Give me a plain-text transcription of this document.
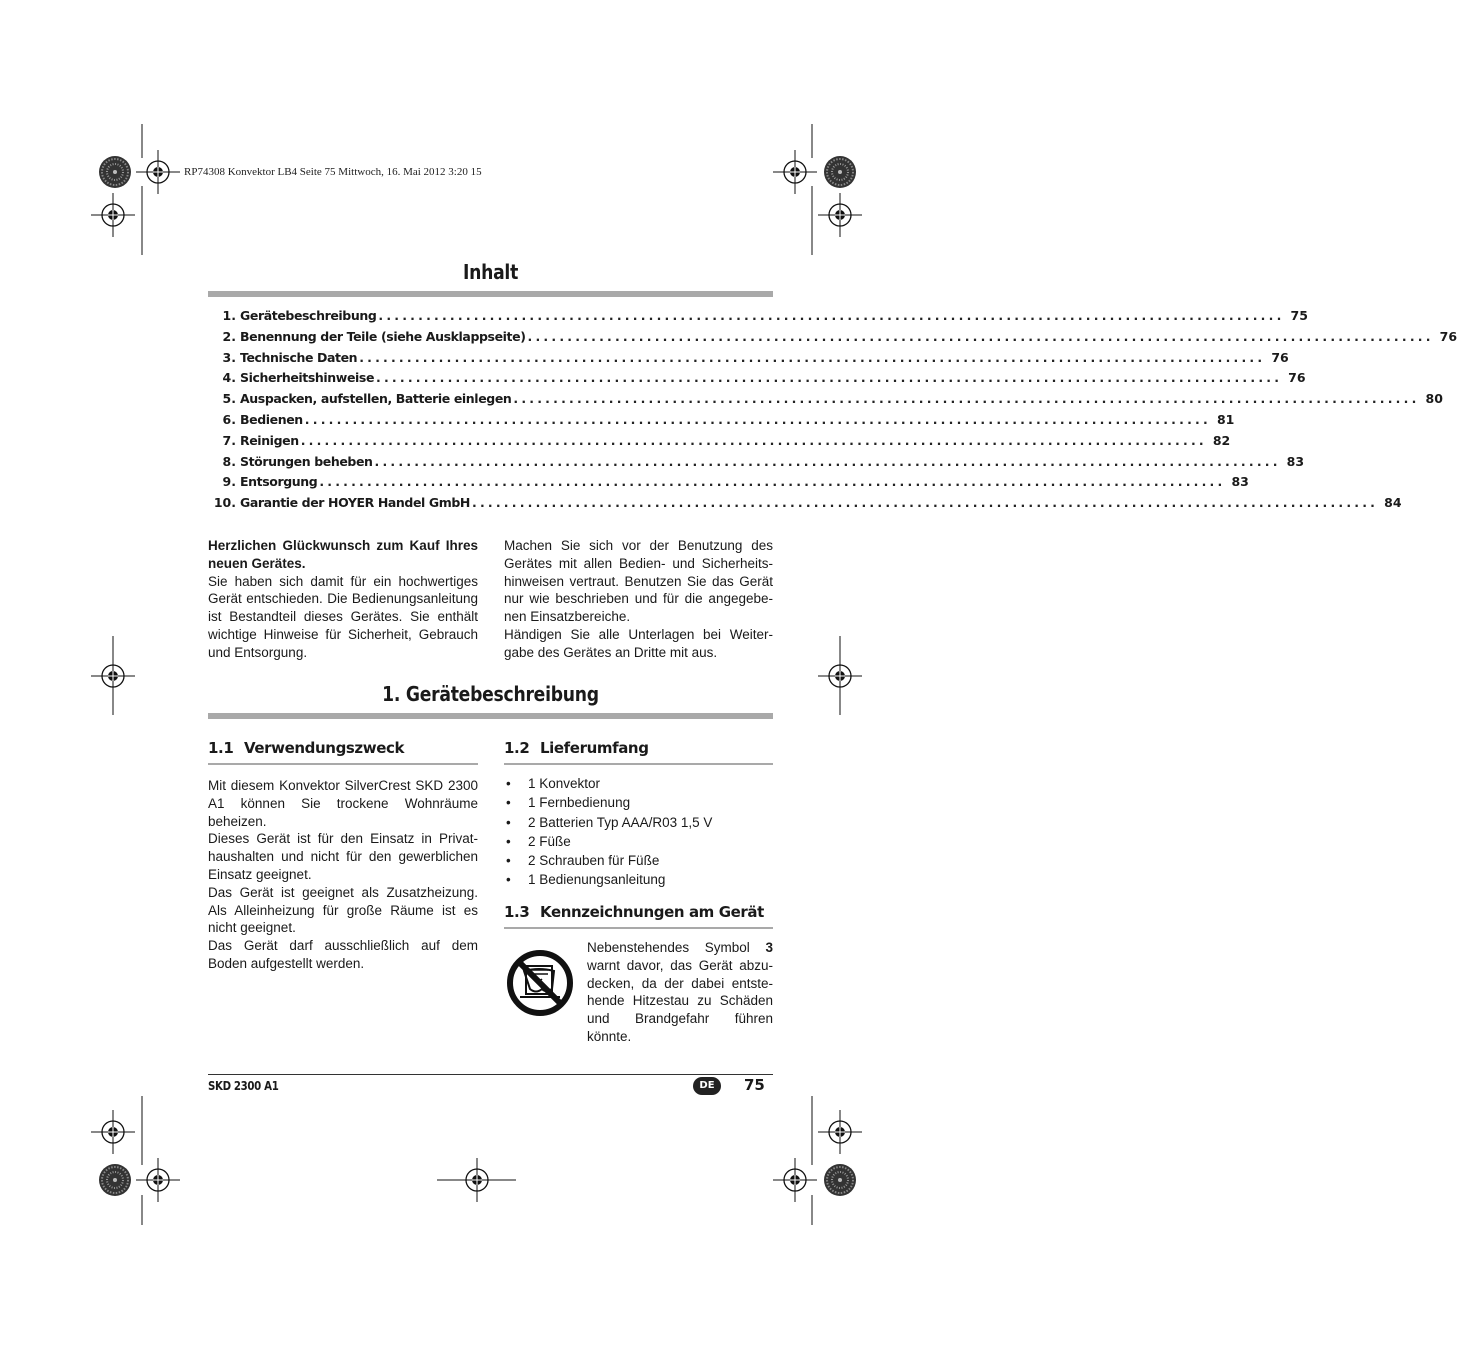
RP74308 Konvektor LB4 Seite 75 Mittwoch, 16. Mai 2012 3:20 15
Inhalt
1. Gerätebeschreibung .................................................................................................................. 75
2. Benennung der Teile (siehe Ausklappseite) .................................................................................................................. 76
3. Technische Daten .................................................................................................................. 76
4. Sicherheitshinweise .................................................................................................................. 76
5. Auspacken, aufstellen, Batterie einlegen .................................................................................................................. 80
6. Bedienen .................................................................................................................. 81
7. Reinigen .................................................................................................................. 82
8. Störungen beheben .................................................................................................................. 83
9. Entsorgung .................................................................................................................. 83
10. Garantie der HOYER Handel GmbH .................................................................................................................. 84

Herzlichen Glückwunsch zum Kauf Ihres neuen Gerätes.

Sie haben sich damit für ein hochwertiges Gerät entschieden. Die Bedienungsanleitung ist Bestandteil dieses Gerätes. Sie enthält wichtige Hinweise für Sicherheit, Gebrauch und Entsorgung.

Machen Sie sich vor der Benutzung des Gerätes mit allen Bedien- und Sicherheitshinweisen vertraut. Benutzen Sie das Gerät nur wie beschrieben und für die angegebenen Einsatzbereiche.

Händigen Sie alle Unterlagen bei Weitergabe des Gerätes an Dritte mit aus.

1. Gerätebeschreibung
1.1 Verwendungszweck

Mit diesem Konvektor SilverCrest SKD 2300 A1 können Sie trockene Wohnräume beheizen.

Dieses Gerät ist für den Einsatz in Privathaushalten und nicht für den gewerblichen Einsatz geeignet.

Das Gerät ist geeignet als Zusatzheizung. Als Alleinheizung für große Räume ist es nicht geeignet.

Das Gerät darf ausschließlich auf dem Boden aufgestellt werden.

1.2 Lieferumfang
•	1 Konvektor
•	1 Fernbedienung
•	2 Batterien Typ AAA/R03 1,5 V
•	2 Füße
•	2 Schrauben für Füße
•	1 Bedienungsanleitung
1.3 Kennzeichnungen am Gerät

Nebenstehendes Symbol 3 warnt davor, das Gerät abzudecken, da der dabei entstehende Hitzestau zu Schäden und Brandgefahr führen könnte.

SKD 2300 A1	DE	75
